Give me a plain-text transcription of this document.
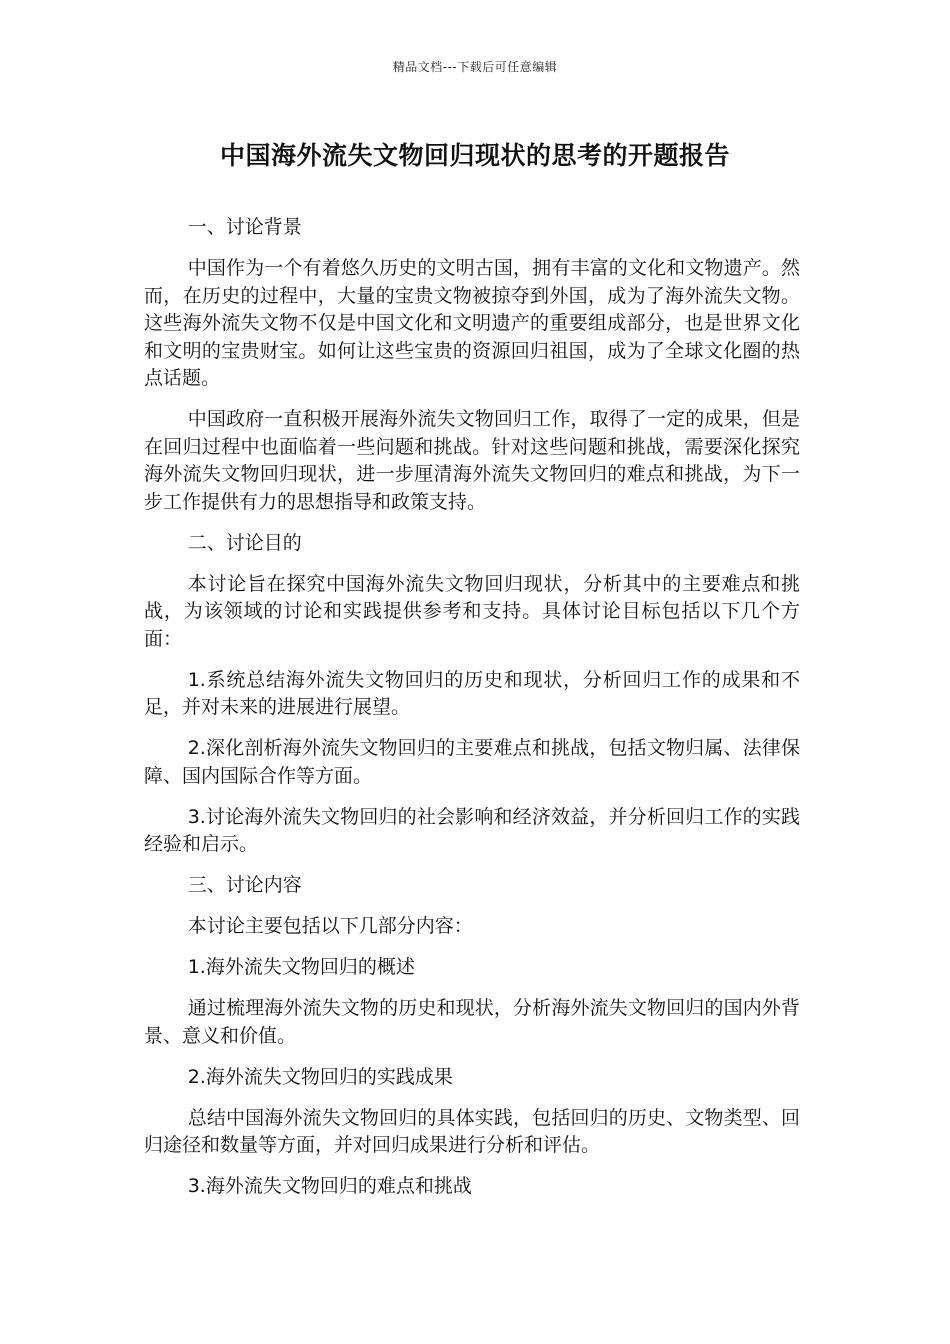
精品文档---下载后可任意编辑
中国海外流失文物回归现状的思考的开题报告

一、讨论背景

中国作为一个有着悠久历史的文明古国，拥有丰富的文化和文物遗产。然而，在历史的过程中，大量的宝贵文物被掠夺到外国，成为了海外流失文物。这些海外流失文物不仅是中国文化和文明遗产的重要组成部分，也是世界文化和文明的宝贵财宝。如何让这些宝贵的资源回归祖国，成为了全球文化圈的热点话题。

中国政府一直积极开展海外流失文物回归工作，取得了一定的成果，但是在回归过程中也面临着一些问题和挑战。针对这些问题和挑战，需要深化探究海外流失文物回归现状，进一步厘清海外流失文物回归的难点和挑战，为下一步工作提供有力的思想指导和政策支持。

二、讨论目的

本讨论旨在探究中国海外流失文物回归现状，分析其中的主要难点和挑战，为该领域的讨论和实践提供参考和支持。具体讨论目标包括以下几个方面：

1.系统总结海外流失文物回归的历史和现状，分析回归工作的成果和不足，并对未来的进展进行展望。

2.深化剖析海外流失文物回归的主要难点和挑战，包括文物归属、法律保障、国内国际合作等方面。

3.讨论海外流失文物回归的社会影响和经济效益，并分析回归工作的实践经验和启示。

三、讨论内容

本讨论主要包括以下几部分内容：

1.海外流失文物回归的概述

通过梳理海外流失文物的历史和现状，分析海外流失文物回归的国内外背景、意义和价值。

2.海外流失文物回归的实践成果

总结中国海外流失文物回归的具体实践，包括回归的历史、文物类型、回归途径和数量等方面，并对回归成果进行分析和评估。

3.海外流失文物回归的难点和挑战
